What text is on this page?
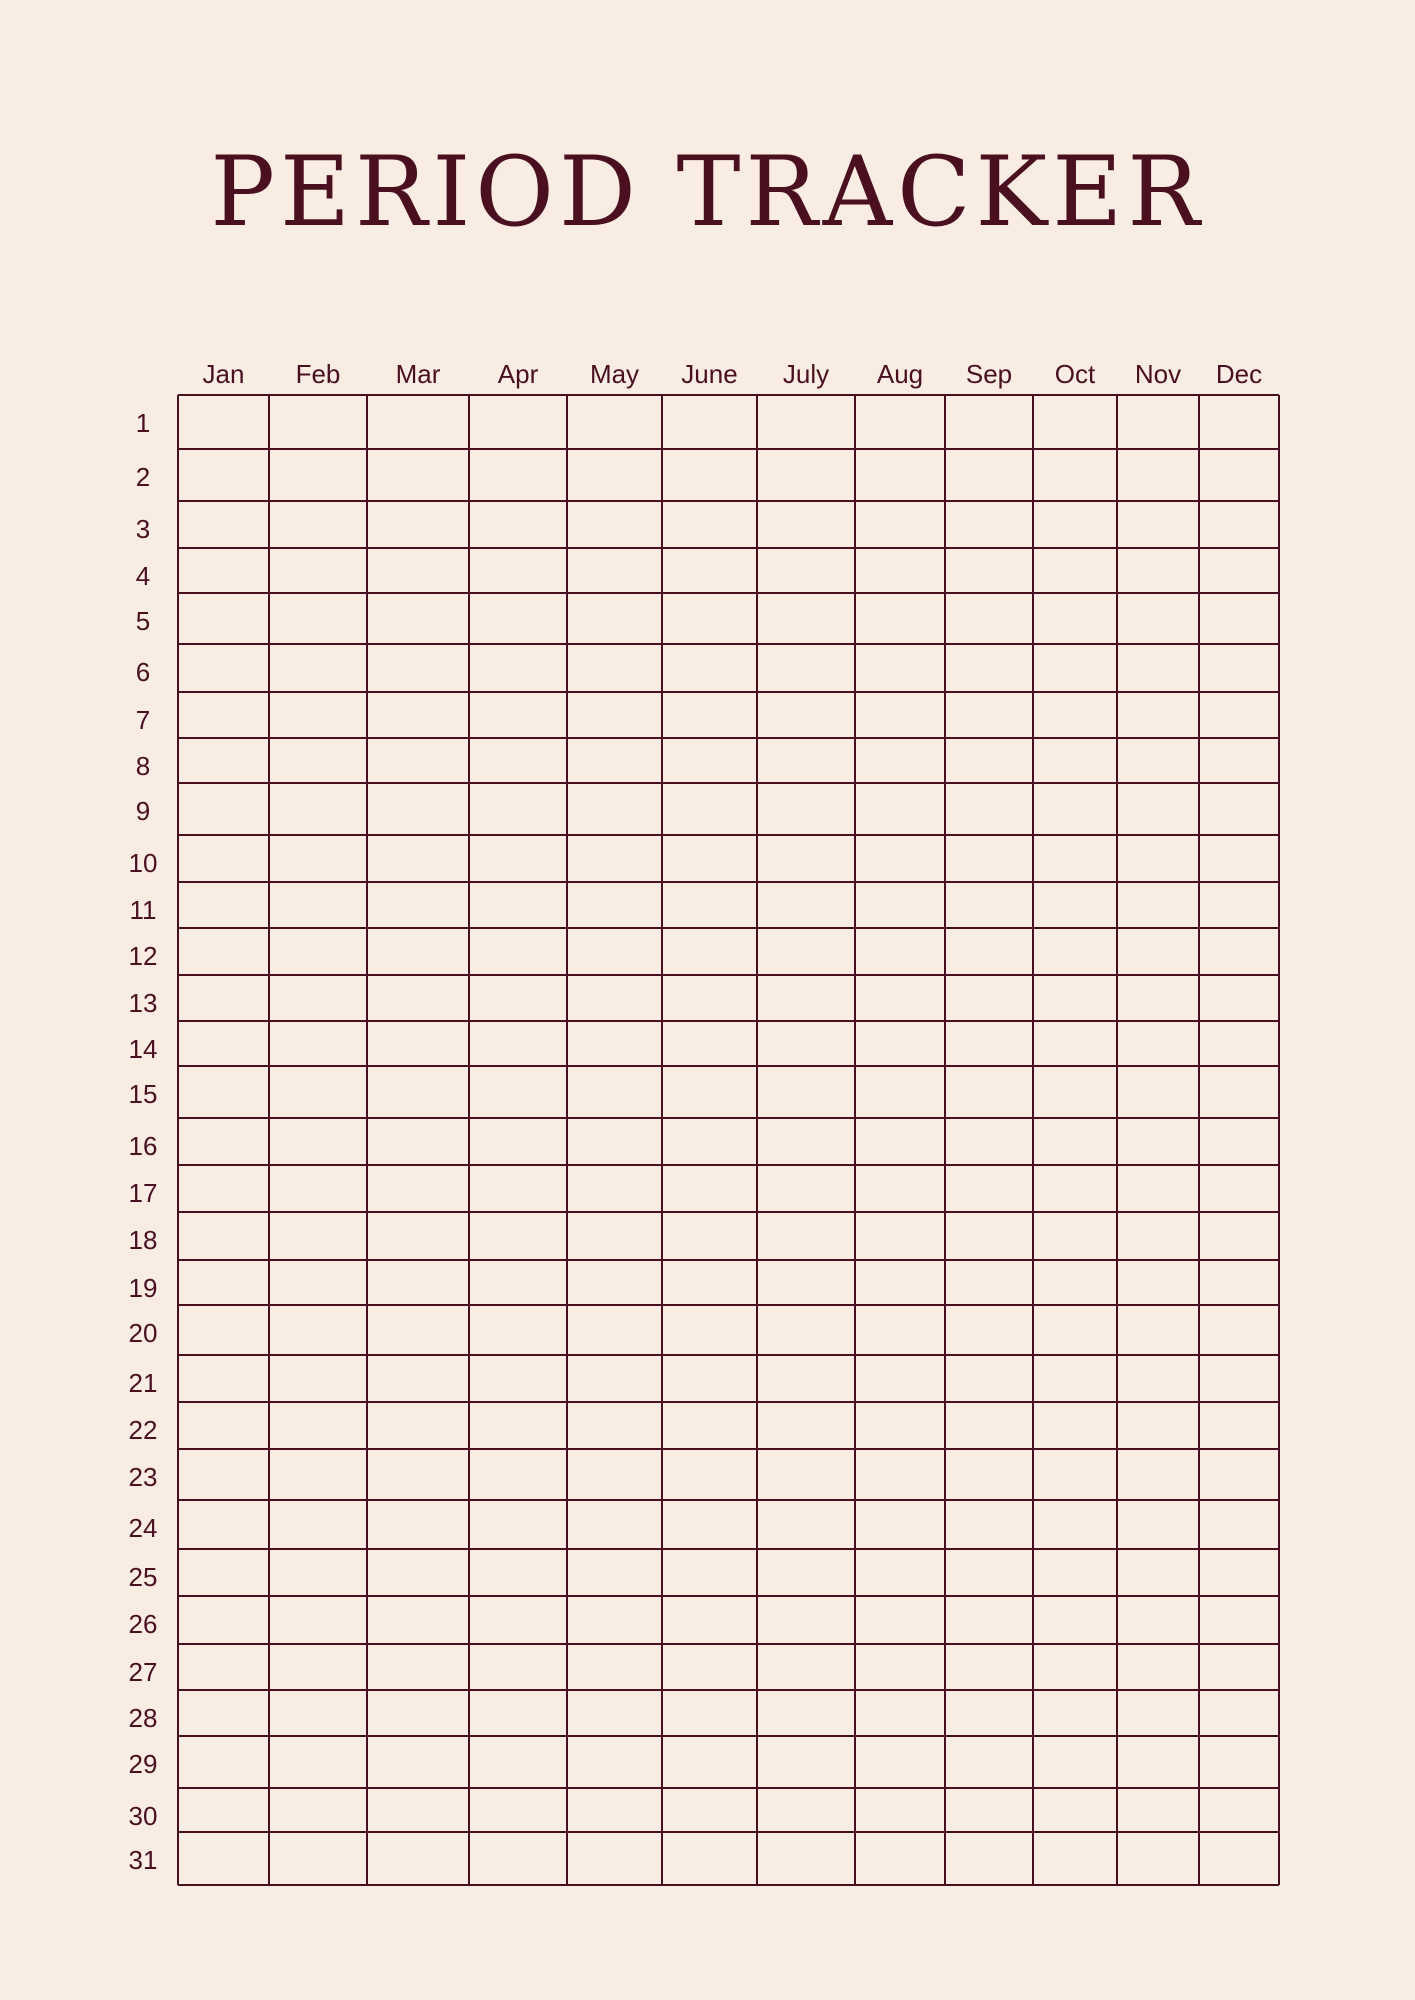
PERIOD TRACKER
Jan Feb Mar Apr May June July Aug Sep Oct Nov Dec
1
2
3
4
5
6
7
8
9
10
11
12
13
14
15
16
17
18
19
20
21
22
23
24
25
26
27
28
29
30
31
